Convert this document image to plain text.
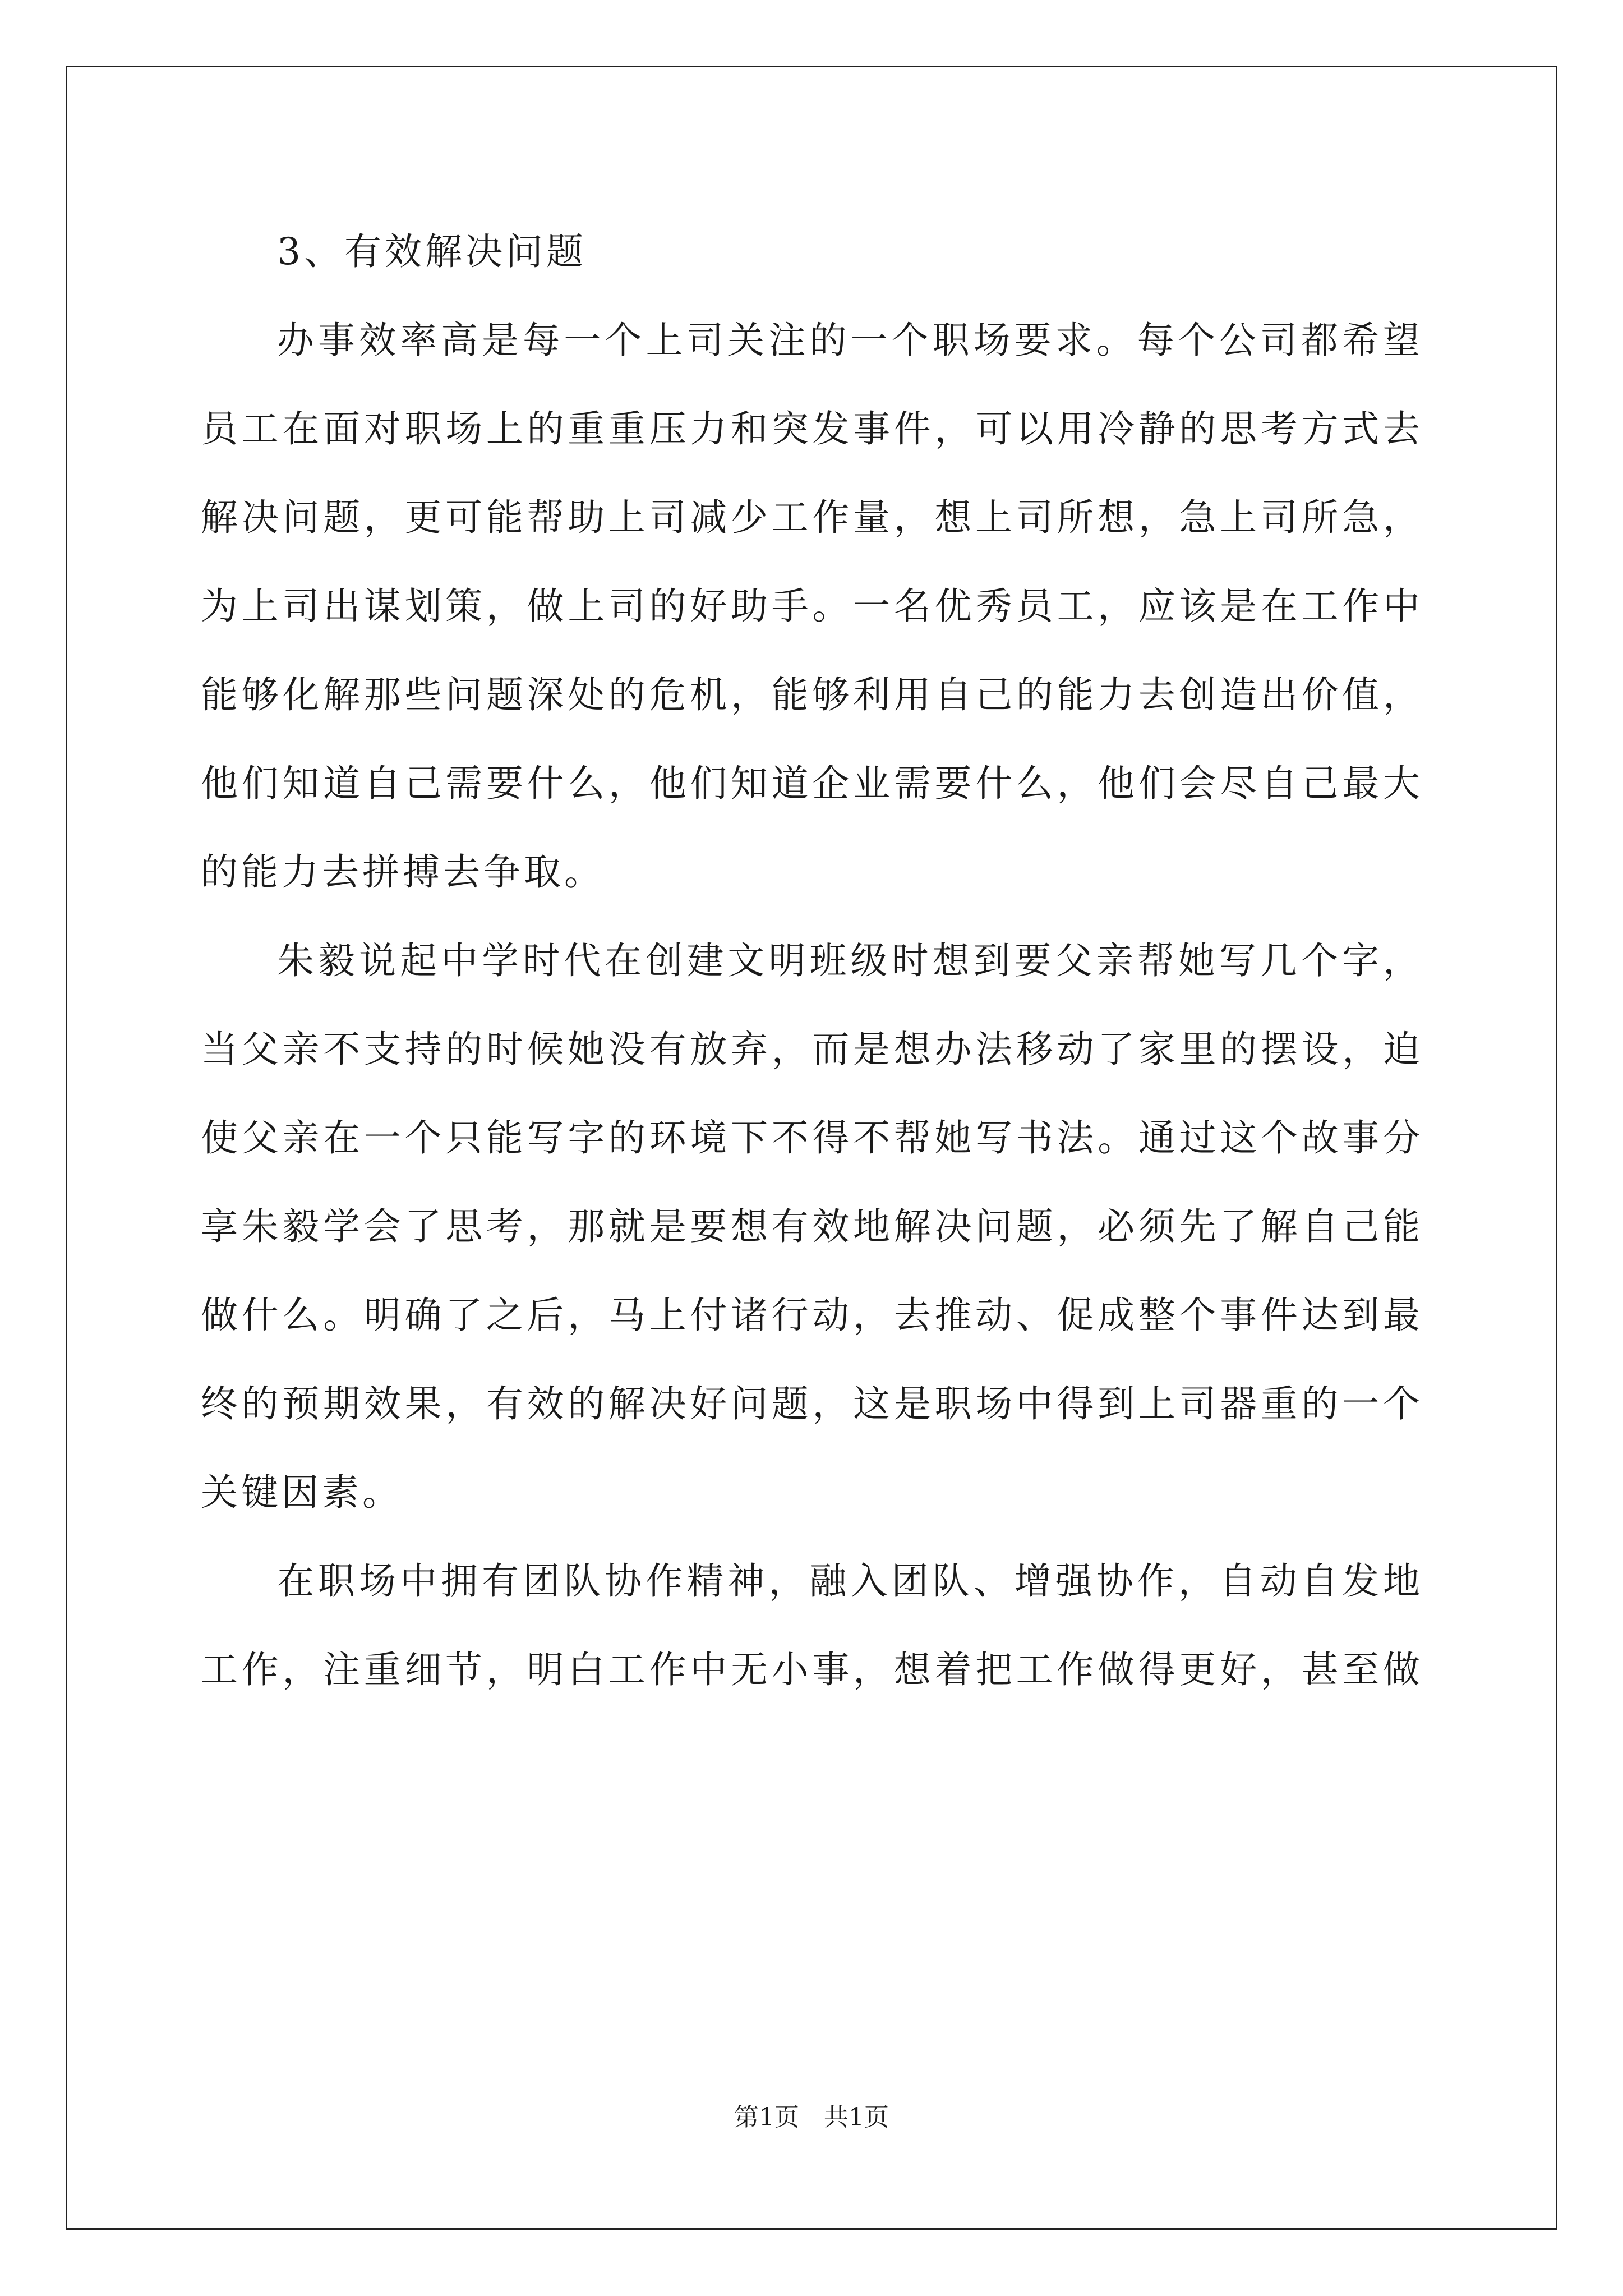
3、有效解决问题

办事效率高是每一个上司关注的一个职场要求。每个公司都希望

员工在面对职场上的重重压力和突发事件，可以用冷静的思考方式去

解决问题，更可能帮助上司减少工作量，想上司所想，急上司所急，

为上司出谋划策，做上司的好助手。一名优秀员工，应该是在工作中

能够化解那些问题深处的危机，能够利用自己的能力去创造出价值，

他们知道自己需要什么，他们知道企业需要什么，他们会尽自己最大

的能力去拼搏去争取。

朱毅说起中学时代在创建文明班级时想到要父亲帮她写几个字，

当父亲不支持的时候她没有放弃，而是想办法移动了家里的摆设，迫

使父亲在一个只能写字的环境下不得不帮她写书法。通过这个故事分

享朱毅学会了思考，那就是要想有效地解决问题，必须先了解自己能

做什么。明确了之后，马上付诸行动，去推动、促成整个事件达到最

终的预期效果，有效的解决好问题，这是职场中得到上司器重的一个

关键因素。

在职场中拥有团队协作精神，融入团队、增强协作，自动自发地

工作，注重细节，明白工作中无小事，想着把工作做得更好，甚至做

第1页　共1页
